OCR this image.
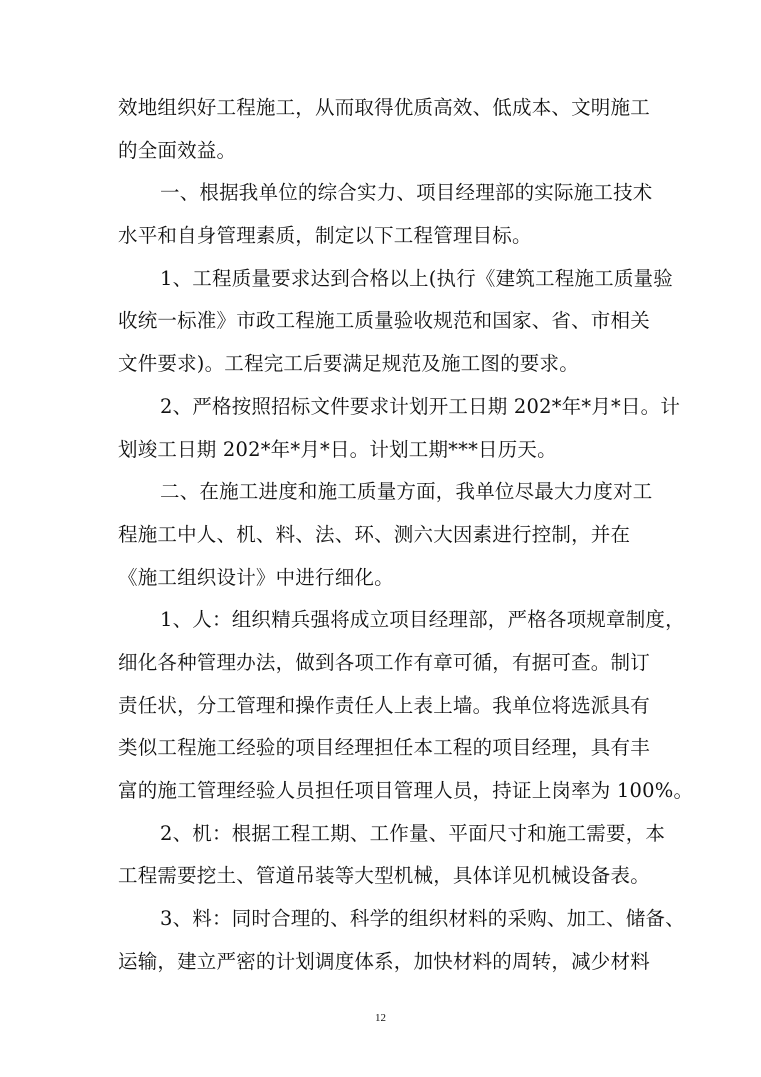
效地组织好工程施工，从而取得优质高效、低成本、文明施工
的全面效益。
一、根据我单位的综合实力、项目经理部的实际施工技术
水平和自身管理素质，制定以下工程管理目标。
1、工程质量要求达到合格以上(执行《建筑工程施工质量验
收统一标准》市政工程施工质量验收规范和国家、省、市相关
文件要求)。工程完工后要满足规范及施工图的要求。
2、严格按照招标文件要求计划开工日期 202*年*月*日。计
划竣工日期 202*年*月*日。计划工期***日历天。
二、在施工进度和施工质量方面，我单位尽最大力度对工
程施工中人、机、料、法、环、测六大因素进行控制，并在
《施工组织设计》中进行细化。
1、人：组织精兵强将成立项目经理部，严格各项规章制度，
细化各种管理办法，做到各项工作有章可循，有据可查。制订
责任状，分工管理和操作责任人上表上墙。我单位将选派具有
类似工程施工经验的项目经理担任本工程的项目经理，具有丰
富的施工管理经验人员担任项目管理人员，持证上岗率为 100%。
2、机：根据工程工期、工作量、平面尺寸和施工需要，本
工程需要挖土、管道吊装等大型机械，具体详见机械设备表。
3、料：同时合理的、科学的组织材料的采购、加工、储备、
运输，建立严密的计划调度体系，加快材料的周转，减少材料
12
